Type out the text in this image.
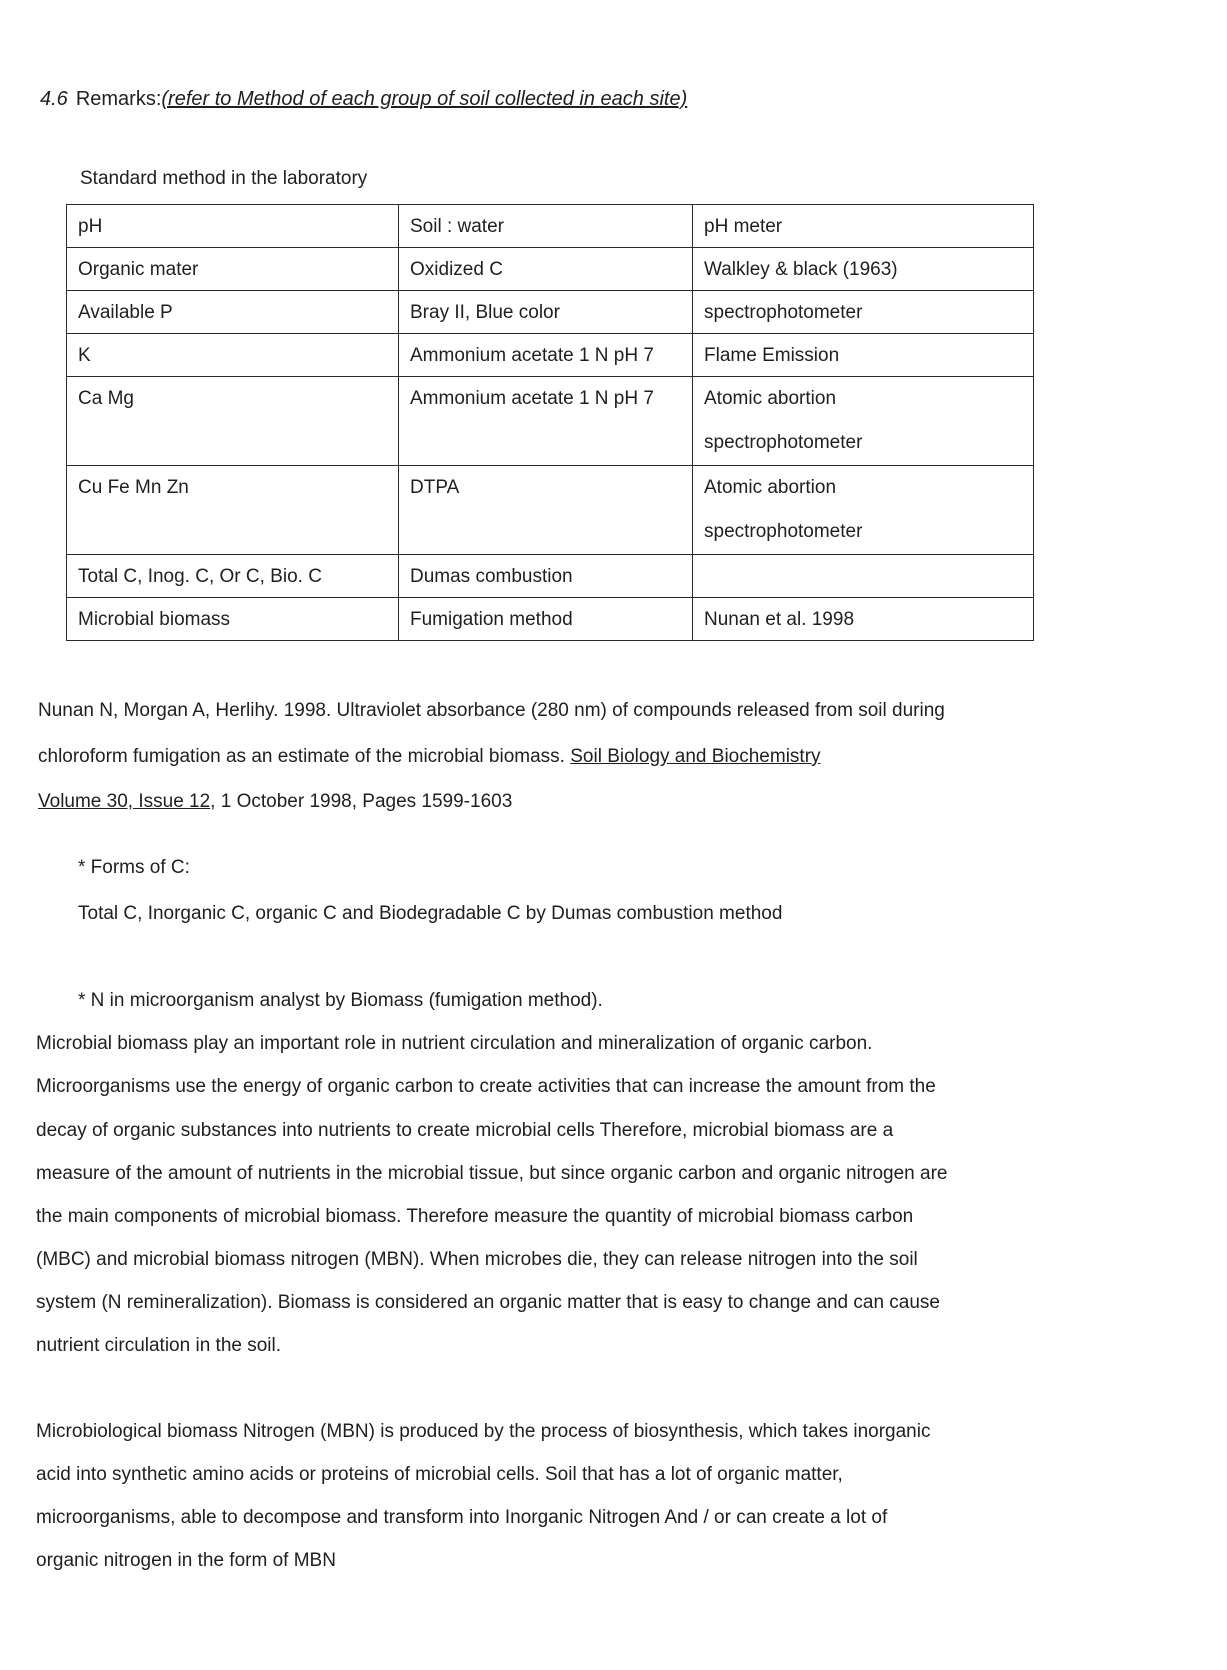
4.6 Remarks:(refer to Method of each group of soil collected in each site)
Standard method in the laboratory
pH	Soil : water	pH meter
Organic mater	Oxidized C	Walkley & black (1963)
Available P	Bray II, Blue color	spectrophotometer
K	Ammonium acetate 1 N pH 7	Flame Emission
Ca Mg	Ammonium acetate 1 N pH 7	Atomic abortion
spectrophotometer

Cu Fe Mn Zn	DTPA	Atomic abortion
spectrophotometer

Total C, Inog. C, Or C, Bio. C	Dumas combustion	
Microbial biomass	Fumigation method	Nunan et al. 1998
Nunan N, Morgan A, Herlihy. 1998. Ultraviolet absorbance (280 nm) of compounds released from soil during
chloroform fumigation as an estimate of the microbial biomass. Soil Biology and Biochemistry
Volume 30, Issue 12, 1 October 1998, Pages 1599-1603
* Forms of C:
Total C, Inorganic C, organic C and Biodegradable C by Dumas combustion method
* N in microorganism analyst by Biomass (fumigation method).
Microbial biomass play an important role in nutrient circulation and mineralization of organic carbon.
Microorganisms use the energy of organic carbon to create activities that can increase the amount from the
decay of organic substances into nutrients to create microbial cells Therefore, microbial biomass are a
measure of the amount of nutrients in the microbial tissue, but since organic carbon and organic nitrogen are
the main components of microbial biomass. Therefore measure the quantity of microbial biomass carbon
(MBC) and microbial biomass nitrogen (MBN). When microbes die, they can release nitrogen into the soil
system (N remineralization). Biomass is considered an organic matter that is easy to change and can cause
nutrient circulation in the soil.
Microbiological biomass Nitrogen (MBN) is produced by the process of biosynthesis, which takes inorganic
acid into synthetic amino acids or proteins of microbial cells. Soil that has a lot of organic matter,
microorganisms, able to decompose and transform into Inorganic Nitrogen And / or can create a lot of
organic nitrogen in the form of MBN
